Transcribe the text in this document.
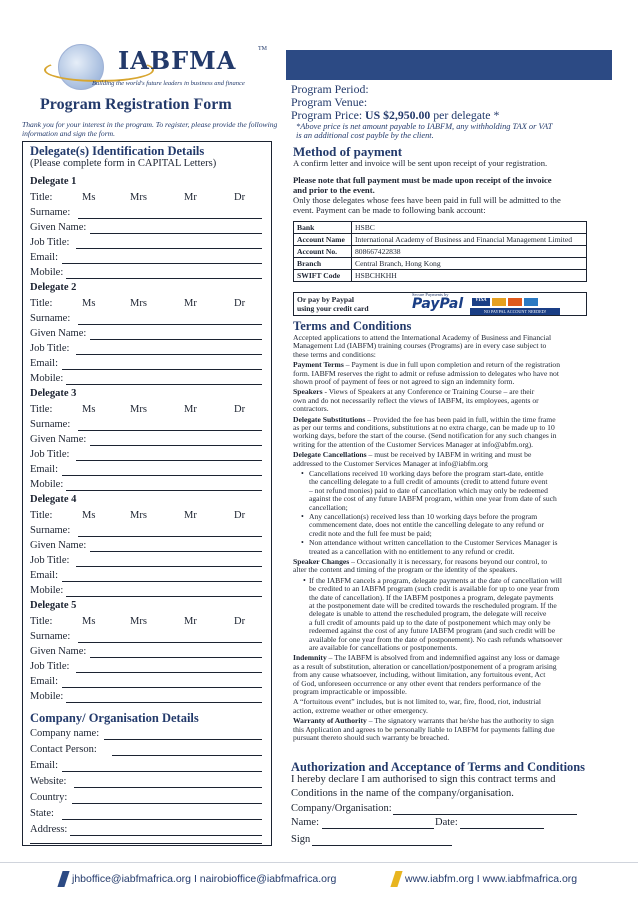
IABFMA	TM
Building the world's future leaders in business and finance
Program Registration Form
Thank you for your interest in the program. To register, please provide the following information and sign the form.
Delegate(s) Identification Details
(Please complete form in CAPITAL Letters)
Delegate 1
Title:	Ms	Mrs	Mr	Dr
Surname:
Given Name:
Job Title:
Email:
Mobile:
Delegate 2
Title:	Ms	Mrs	Mr	Dr
Surname:
Given Name:
Job Title:
Email:
Mobile:
Delegate 3
Title:	Ms	Mrs	Mr	Dr
Surname:
Given Name:
Job Title:
Email:
Mobile:
Delegate 4
Title:	Ms	Mrs	Mr	Dr
Surname:
Given Name:
Job Title:
Email:
Mobile:
Delegate 5
Title:	Ms	Mrs	Mr	Dr
Surname:
Given Name:
Job Title:
Email:
Mobile:
Company/ Organisation Details
Company name:
Contact Person:
Email:
Website:
Country:
State:
Address:
Program Period:
Program Venue:
Program Price: US $2,950.00 per delegate *
*Above price is net amount payable to IABFM, any withholding TAX or VAT
is an additional cost payble by the client.
Method of payment
A confirm letter and invoice will be sent upon receipt of your registration.
Please note that full payment must be made upon receipt of the invoice
and prior to the event.
Only those delegates whose fees have been paid in full will be admitted to the
event. Payment can be made to following bank account:
Bank	HSBC
Account Name	International Academy of Business and Financial Management Limited
Account No.	808667422838
Branch	Central Branch, Hong Kong
SWIFT Code	HSBCHKHH
Or pay by Paypal
using your credit card
Secure Payments by
PayPal	VISA
NO PAYPAL ACCOUNT NEEDED!
Terms and Conditions
Accepted applications to attend the International Academy of Business and Financial
Management Ltd (IABFM) training courses (Programs) are in every case subject to
these terms and conditions:
Payment Terms – Payment is due in full upon completion and return of the registration
form. IABFM reserves the right to admit or refuse admission to delegates who have not
shown proof of payment of fees or not agreed to sign an indemnity form.
Speakers - Views of Speakers at any Conference or Training Course – are their
own and do not necessarily reflect the views of IABFM, its employees, agents or
contractors.
Delegate Substitutions – Provided the fee has been paid in full, within the time frame
as per our terms and conditions, substitutions at no extra charge, can be made up to 10
working days, before the start of the course. (Send notification for any such changes in
writing for the attention of the Customer Services Manager at info@abfm.org).
Delegate Cancellations – must be received by IABFM in writing and must be
addressed to the Customer Services Manager at info@iabfm.org
• Cancellations received 10 working days before the program start-date, entitle
the cancelling delegate to a full credit of amounts (credit to attend future event
– not refund monies) paid to date of cancellation which may only be redeemed
against the cost of any future IABFM program, within one year from date of such
cancellation;
• Any cancellation(s) received less than 10 working days before the program
commencement date, does not entitle the cancelling delegate to any refund or
credit note and the full fee must be paid;
• Non attendance without written cancellation to the Customer Services Manager is
treated as a cancellation with no entitlement to any refund or credit.
Speaker Changes – Occasionally it is necessary, for reasons beyond our control, to
alter the content and timing of the program or the identity of the speakers.
• If the IABFM cancels a program, delegate payments at the date of cancellation will
be credited to an IABFM program (such credit is available for up to one year from
the date of cancellation). If the IABFM postpones a program, delegate payments
at the postponement date will be credited towards the rescheduled program. If the
delegate is unable to attend the rescheduled program, the delegate will receive
a full credit of amounts paid up to the date of postponement which may only be
redeemed against the cost of any future IABFM program (and such credit will be
available for one year from the date of postponement). No cash refunds whatsoever
are available for cancellations or postponements.
Indemnity – The IABFM is absolved from and indemnified against any loss or damage
as a result of substitution, alteration or cancellation/postponement of a program arising
from any cause whatsoever, including, without limitation, any fortuitous event, Act
of God, unforeseen occurrence or any other event that renders performance of the
program impracticable or impossible.
A “fortuitous event” includes, but is not limited to, war, fire, flood, riot, industrial
action, extreme weather or other emergency.
Warranty of Authority – The signatory warrants that he/she has the authority to sign
this Application and agrees to be personally liable to IABFM for payments falling due
pursuant thereto should such warranty be breached.
Authorization and Acceptance of Terms and Conditions
I hereby declare I am authorised to sign this contract terms and
Conditions in the name of the company/organisation.
Company/Organisation:
Name:	Date:
Sign
jhboffice@iabfmafrica.org I nairobioffice@iabfmafrica.org	www.iabfm.org I www.iabfmafrica.org
